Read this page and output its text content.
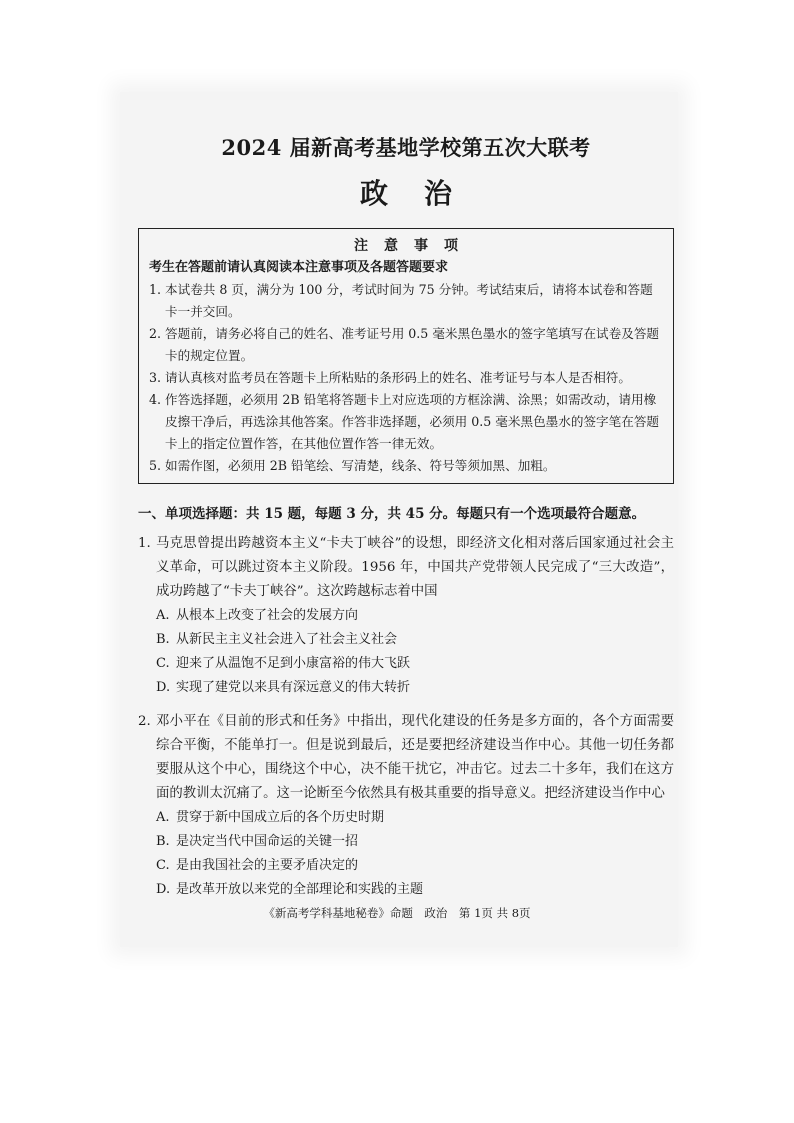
2024 届新高考基地学校第五次大联考
政治
注意事项
考生在答题前请认真阅读本注意事项及各题答题要求
1. 本试卷共 8 页，满分为 100 分，考试时间为 75 分钟。考试结束后，请将本试卷和答题卡一并交回。
2. 答题前，请务必将自己的姓名、准考证号用 0.5 毫米黑色墨水的签字笔填写在试卷及答题卡的规定位置。
3. 请认真核对监考员在答题卡上所粘贴的条形码上的姓名、准考证号与本人是否相符。
4. 作答选择题，必须用 2B 铅笔将答题卡上对应选项的方框涂满、涂黑；如需改动，请用橡皮擦干净后，再选涂其他答案。作答非选择题，必须用 0.5 毫米黑色墨水的签字笔在答题卡上的指定位置作答，在其他位置作答一律无效。
5. 如需作图，必须用 2B 铅笔绘、写清楚，线条、符号等须加黑、加粗。
一、单项选择题：共 15 题，每题 3 分，共 45 分。每题只有一个选项最符合题意。
1. 马克思曾提出跨越资本主义“卡夫丁峡谷”的设想，即经济文化相对落后国家通过社会主义革命，可以跳过资本主义阶段。1956 年，中国共产党带领人民完成了“三大改造”，成功跨越了“卡夫丁峡谷”。这次跨越标志着中国
A. 从根本上改变了社会的发展方向
B. 从新民主主义社会进入了社会主义社会
C. 迎来了从温饱不足到小康富裕的伟大飞跃
D. 实现了建党以来具有深远意义的伟大转折
2. 邓小平在《目前的形式和任务》中指出，现代化建设的任务是多方面的，各个方面需要综合平衡，不能单打一。但是说到最后，还是要把经济建设当作中心。其他一切任务都要服从这个中心，围绕这个中心，决不能干扰它，冲击它。过去二十多年，我们在这方面的教训太沉痛了。这一论断至今依然具有极其重要的指导意义。把经济建设当作中心
A. 贯穿于新中国成立后的各个历史时期
B. 是决定当代中国命运的关键一招
C. 是由我国社会的主要矛盾决定的
D. 是改革开放以来党的全部理论和实践的主题
《新高考学科基地秘卷》命题　政治　第 1页 共 8页
